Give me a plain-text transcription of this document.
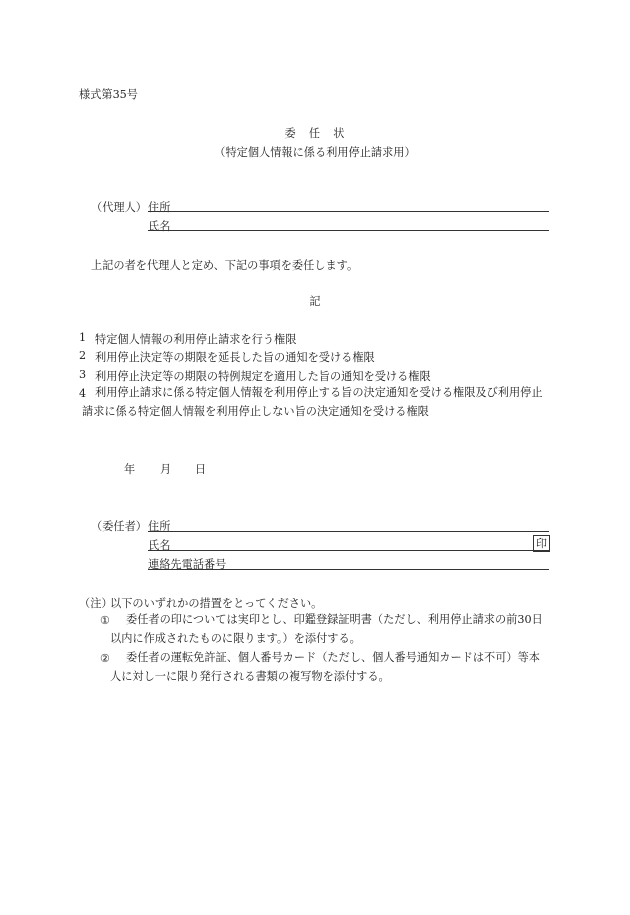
様式第35号
委　任　状
（特定個人情報に係る利用停止請求用）
（代理人） 住所
氏名
上記の者を代理人と定め、下記の事項を委任します。
記
1 特定個人情報の利用停止請求を行う権限
2 利用停止決定等の期限を延長した旨の通知を受ける権限
3 利用停止決定等の期限の特例規定を適用した旨の通知を受ける権限
4 利用停止請求に係る特定個人情報を利用停止する旨の決定通知を受ける権限及び利用停止請求に係る特定個人情報を利用停止しない旨の決定通知を受ける権限
年 月 日
（委任者） 住所
氏名	印
連絡先電話番号
（注）
以下のいずれかの措置をとってください。
①	委任者の印については実印とし、印鑑登録証明書（ただし、利用停止請求の前30日以内に作成されたものに限ります。）を添付する。
②	委任者の運転免許証、個人番号カード（ただし、個人番号通知カードは不可）等本人に対し一に限り発行される書類の複写物を添付する。
